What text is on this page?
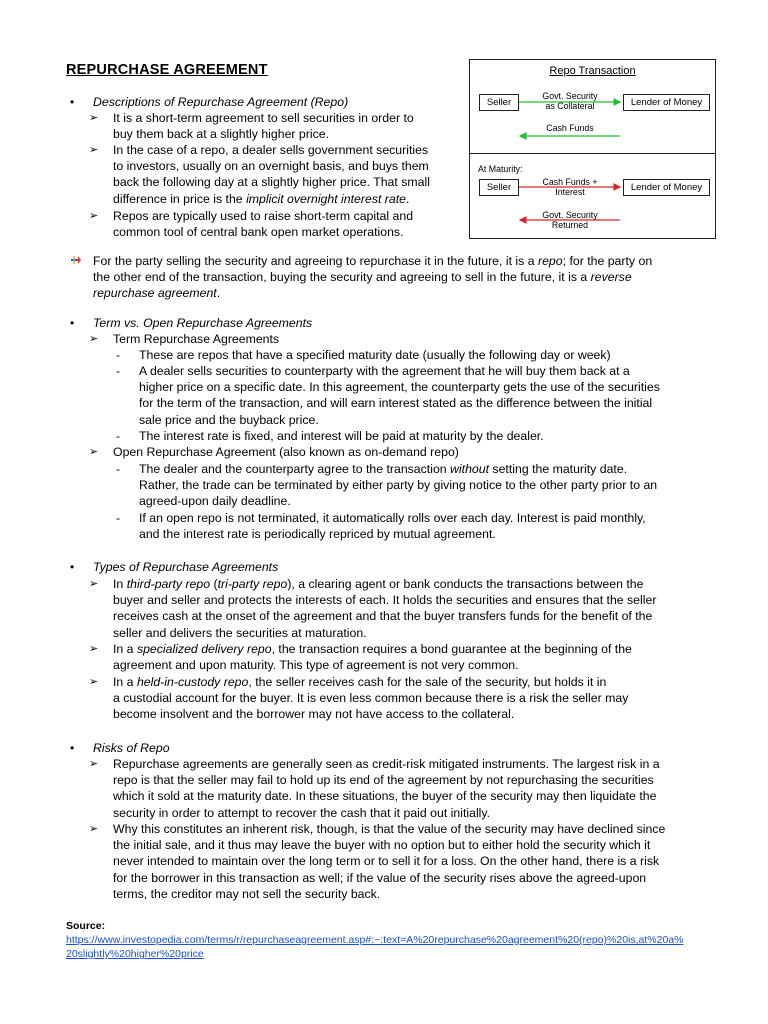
REPURCHASE AGREEMENT	Repo Transaction
Seller	Lender of Money
Govt. Security
as Collateral
Cash Funds
At Maturity:
Seller	Lender of Money
Cash Funds +
Interest
Govt. Security
Returned
• Descriptions of Repurchase Agreement (Repo)
➢ It is a short-term agreement to sell securities in order to
buy them back at a slightly higher price.
➢ In the case of a repo, a dealer sells government securities
to investors, usually on an overnight basis, and buys them
back the following day at a slightly higher price. That small
difference in price is the implicit overnight interest rate.
➢ Repos are typically used to raise short-term capital and
common tool of central bank open market operations.
For the party selling the security and agreeing to repurchase it in the future, it is a repo; for the party on
the other end of the transaction, buying the security and agreeing to sell in the future, it is a reverse
repurchase agreement.
• Term vs. Open Repurchase Agreements
➢ Term Repurchase Agreements
- These are repos that have a specified maturity date (usually the following day or week)
- A dealer sells securities to counterparty with the agreement that he will buy them back at a
higher price on a specific date. In this agreement, the counterparty gets the use of the securities
for the term of the transaction, and will earn interest stated as the difference between the initial
sale price and the buyback price.
- The interest rate is fixed, and interest will be paid at maturity by the dealer.
➢ Open Repurchase Agreement (also known as on-demand repo)
- The dealer and the counterparty agree to the transaction without setting the maturity date.
Rather, the trade can be terminated by either party by giving notice to the other party prior to an
agreed-upon daily deadline.
- If an open repo is not terminated, it automatically rolls over each day. Interest is paid monthly,
and the interest rate is periodically repriced by mutual agreement.
• Types of Repurchase Agreements
➢ In third-party repo (tri-party repo), a clearing agent or bank conducts the transactions between the
buyer and seller and protects the interests of each. It holds the securities and ensures that the seller
receives cash at the onset of the agreement and that the buyer transfers funds for the benefit of the
seller and delivers the securities at maturation.
➢ In a specialized delivery repo, the transaction requires a bond guarantee at the beginning of the
agreement and upon maturity. This type of agreement is not very common.
➢ In a held-in-custody repo, the seller receives cash for the sale of the security, but holds it in
a custodial account for the buyer. It is even less common because there is a risk the seller may
become insolvent and the borrower may not have access to the collateral.
• Risks of Repo
➢ Repurchase agreements are generally seen as credit-risk mitigated instruments. The largest risk in a
repo is that the seller may fail to hold up its end of the agreement by not repurchasing the securities
which it sold at the maturity date. In these situations, the buyer of the security may then liquidate the
security in order to attempt to recover the cash that it paid out initially.
➢ Why this constitutes an inherent risk, though, is that the value of the security may have declined since
the initial sale, and it thus may leave the buyer with no option but to either hold the security which it
never intended to maintain over the long term or to sell it for a loss. On the other hand, there is a risk
for the borrower in this transaction as well; if the value of the security rises above the agreed-upon
terms, the creditor may not sell the security back.
Source:
https://www.investopedia.com/terms/r/repurchaseagreement.asp#:~:text=A%20repurchase%20agreement%20(repo)%20is,at%20a%
20slightly%20higher%20price
